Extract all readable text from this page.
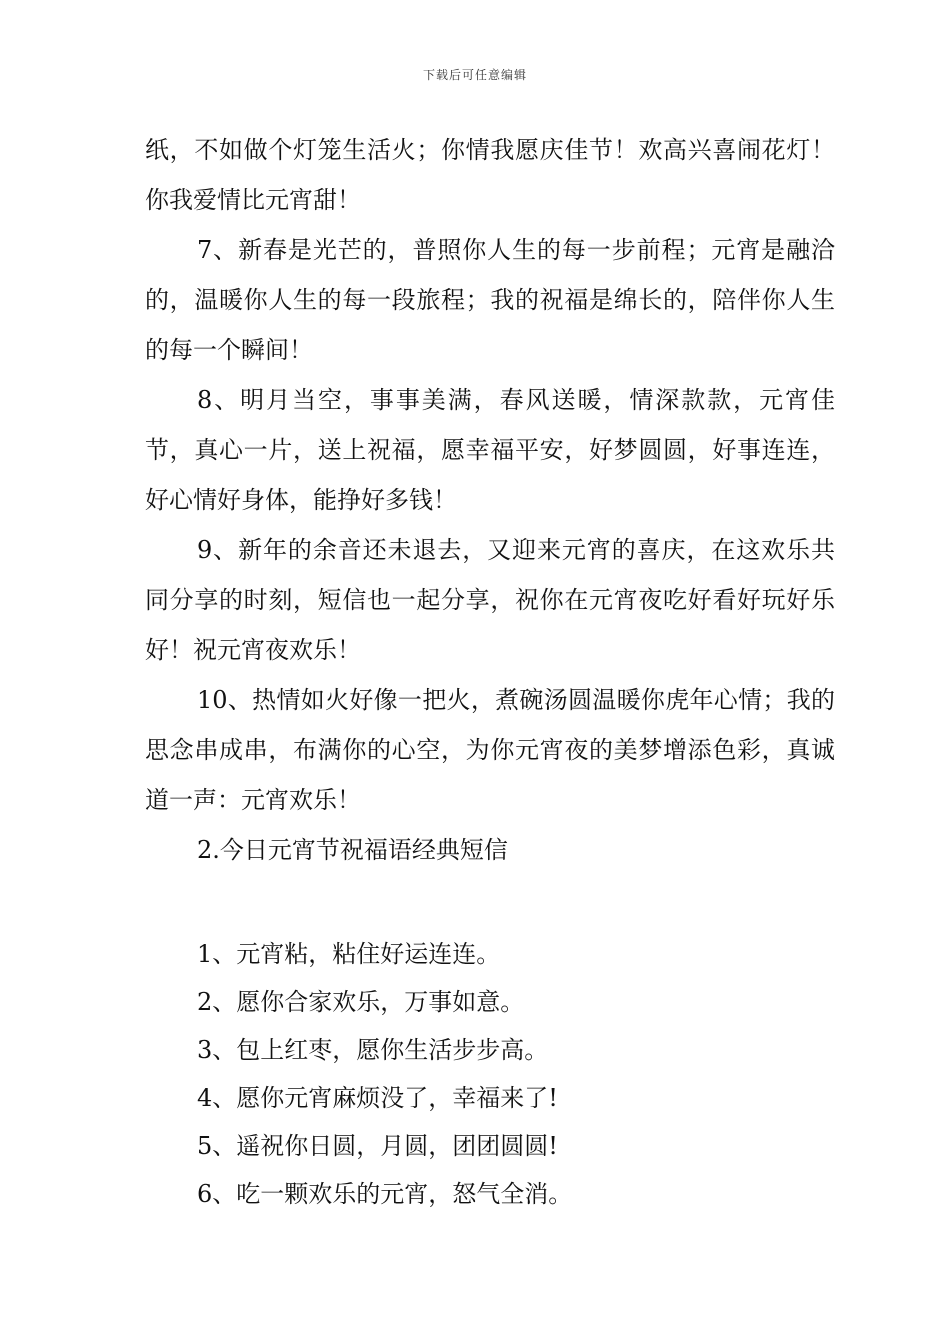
下载后可任意编辑

纸，不如做个灯笼生活火；你情我愿庆佳节！欢高兴喜闹花灯！你我爱情比元宵甜！

7、新春是光芒的，普照你人生的每一步前程；元宵是融洽的，温暖你人生的每一段旅程；我的祝福是绵长的，陪伴你人生的每一个瞬间！

8、明月当空，事事美满，春风送暖，情深款款，元宵佳节，真心一片，送上祝福，愿幸福平安，好梦圆圆，好事连连，好心情好身体，能挣好多钱！

9、新年的余音还未退去，又迎来元宵的喜庆，在这欢乐共同分享的时刻，短信也一起分享，祝你在元宵夜吃好看好玩好乐好！祝元宵夜欢乐！

10、热情如火好像一把火，煮碗汤圆温暖你虎年心情；我的思念串成串，布满你的心空，为你元宵夜的美梦增添色彩，真诚道一声：元宵欢乐！

2.今日元宵节祝福语经典短信

1、元宵粘，粘住好运连连。

2、愿你合家欢乐，万事如意。

3、包上红枣，愿你生活步步高。

4、愿你元宵麻烦没了，幸福来了!

5、遥祝你日圆，月圆，团团圆圆!

6、吃一颗欢乐的元宵，怒气全消。
